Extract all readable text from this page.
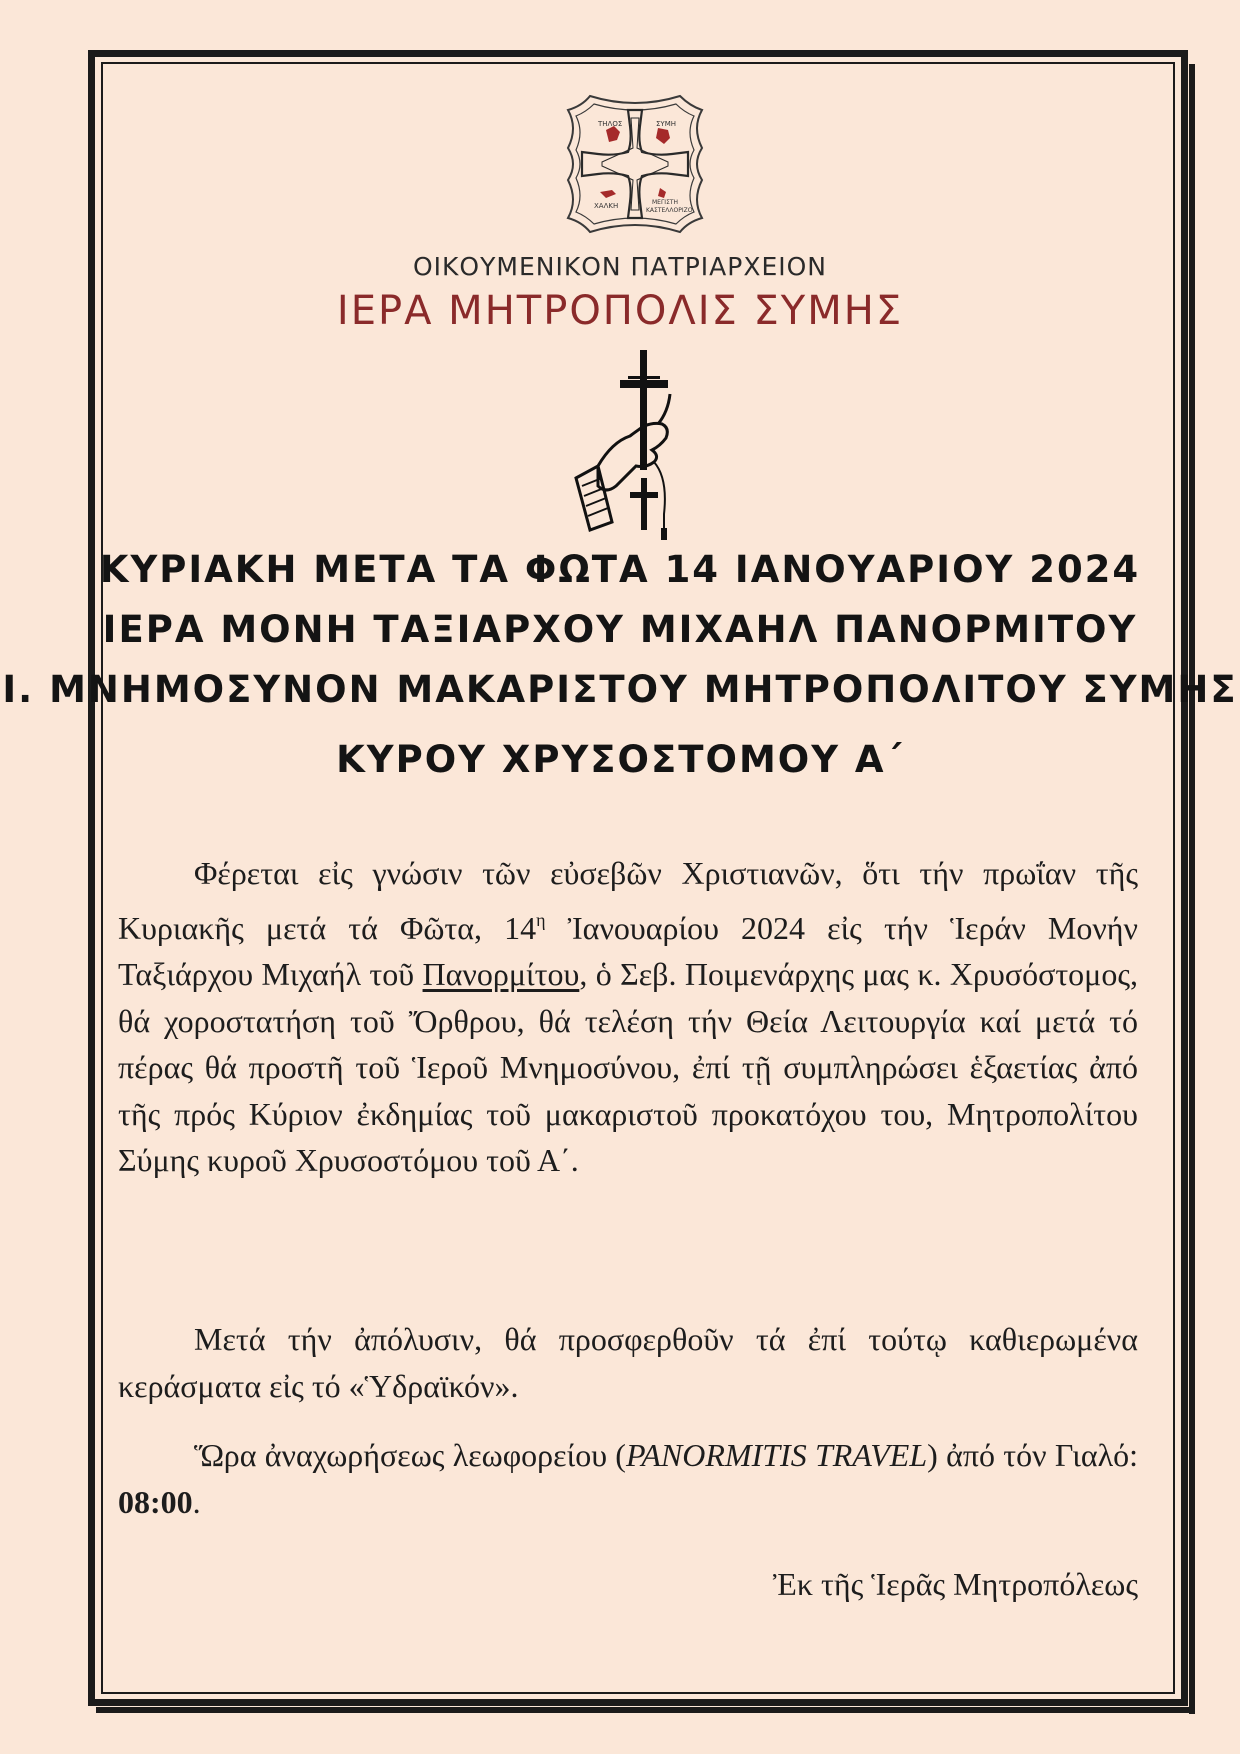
ΤΗΛΟΣ	ΣΥΜΗ
ΧΑΛΚΗ	ΜΕΓΙΣΤΗ
ΚΑΣΤΕΛΛΟΡΙΖΟ
ΟΙΚΟΥΜΕΝΙΚΟΝ ΠΑΤΡΙΑΡΧΕΙΟΝ
ΙΕΡΑ ΜΗΤΡΟΠΟΛΙΣ ΣΥΜΗΣ
ΚΥΡΙΑΚΗ ΜΕΤΑ ΤΑ ΦΩΤΑ 14 ΙΑΝΟΥΑΡΙΟΥ 2024
ΙΕΡΑ ΜΟΝΗ ΤΑΞΙΑΡΧΟΥ ΜΙΧΑΗΛ ΠΑΝΟΡΜΙΤΟΥ
Ι. ΜΝΗΜΟΣΥΝΟΝ ΜΑΚΑΡΙΣΤΟΥ ΜΗΤΡΟΠΟΛΙΤΟΥ ΣΥΜΗΣ
ΚΥΡΟΥ ΧΡΥΣΟΣΤΟΜΟΥ Α΄
Φέρεται εἰς γνώσιν τῶν εὐσεβῶν Χριστιανῶν, ὅτι τήν πρωΐαν τῆς Κυριακῆς μετά τά Φῶτα, $14^\eta$ Ἰανουαρίου 2024 εἰς τήν Ἱεράν Μονήν Ταξιάρχου Μιχαήλ τοῦ Πανορμίτου, ὁ Σεβ. Ποιμενάρχης μας κ. Χρυσόστομος, θά χοροστατήση τοῦ Ὄρθρου, θά τελέση τήν Θεία Λειτουργία καί μετά τό πέρας θά προστῆ τοῦ Ἱεροῦ Μνημοσύνου, ἐπί τῇ συμπληρώσει ἑξαετίας ἀπό τῆς πρός Κύριον ἐκδημίας τοῦ μακαριστοῦ προκατόχου του, Μητροπολίτου Σύμης κυροῦ Χρυσοστόμου τοῦ Α΄.
Μετά τήν ἀπόλυσιν, θά προσφερθοῦν τά ἐπί τούτῳ καθιερωμένα κεράσματα εἰς τό «Ὑδραϊκόν».
Ὥρα ἀναχωρήσεως λεωφορείου (PANORMITIS TRAVEL) ἀπό τόν Γιαλό: 08:00.
Ἐκ τῆς Ἱερᾶς Μητροπόλεως
